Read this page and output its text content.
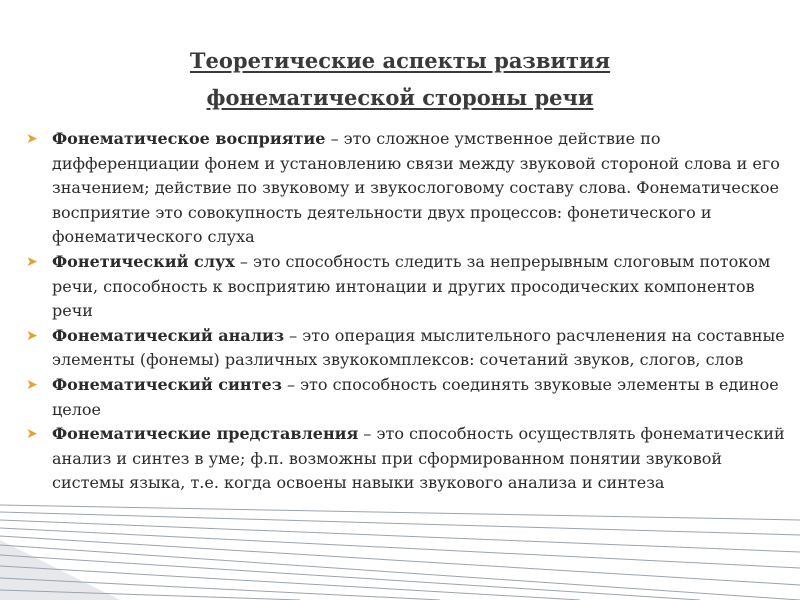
Теоретические аспекты развития
фонематической стороны речи
➤ Фонематическое восприятие – это сложное умственное действие по дифференциации фонем и установлению связи между звуковой стороной слова и его значением; действие по звуковому и звукослоговому составу слова. Фонематическое восприятие это совокупность деятельности двух процессов: фонетического и фонематического слуха
➤ Фонетический слух – это способность следить за непрерывным слоговым потоком речи, способность к восприятию интонации и других просодических компонентов речи
➤ Фонематический анализ – это операция мыслительного расчленения на составные элементы (фонемы) различных звукокомплексов: сочетаний звуков, слогов, слов
➤ Фонематический синтез – это способность соединять звуковые элементы в единое целое
➤ Фонематические представления – это способность осуществлять фонематический анализ и синтез в уме; ф.п. возможны при сформированном понятии звуковой системы языка, т.е. когда освоены навыки звукового анализа и синтеза
